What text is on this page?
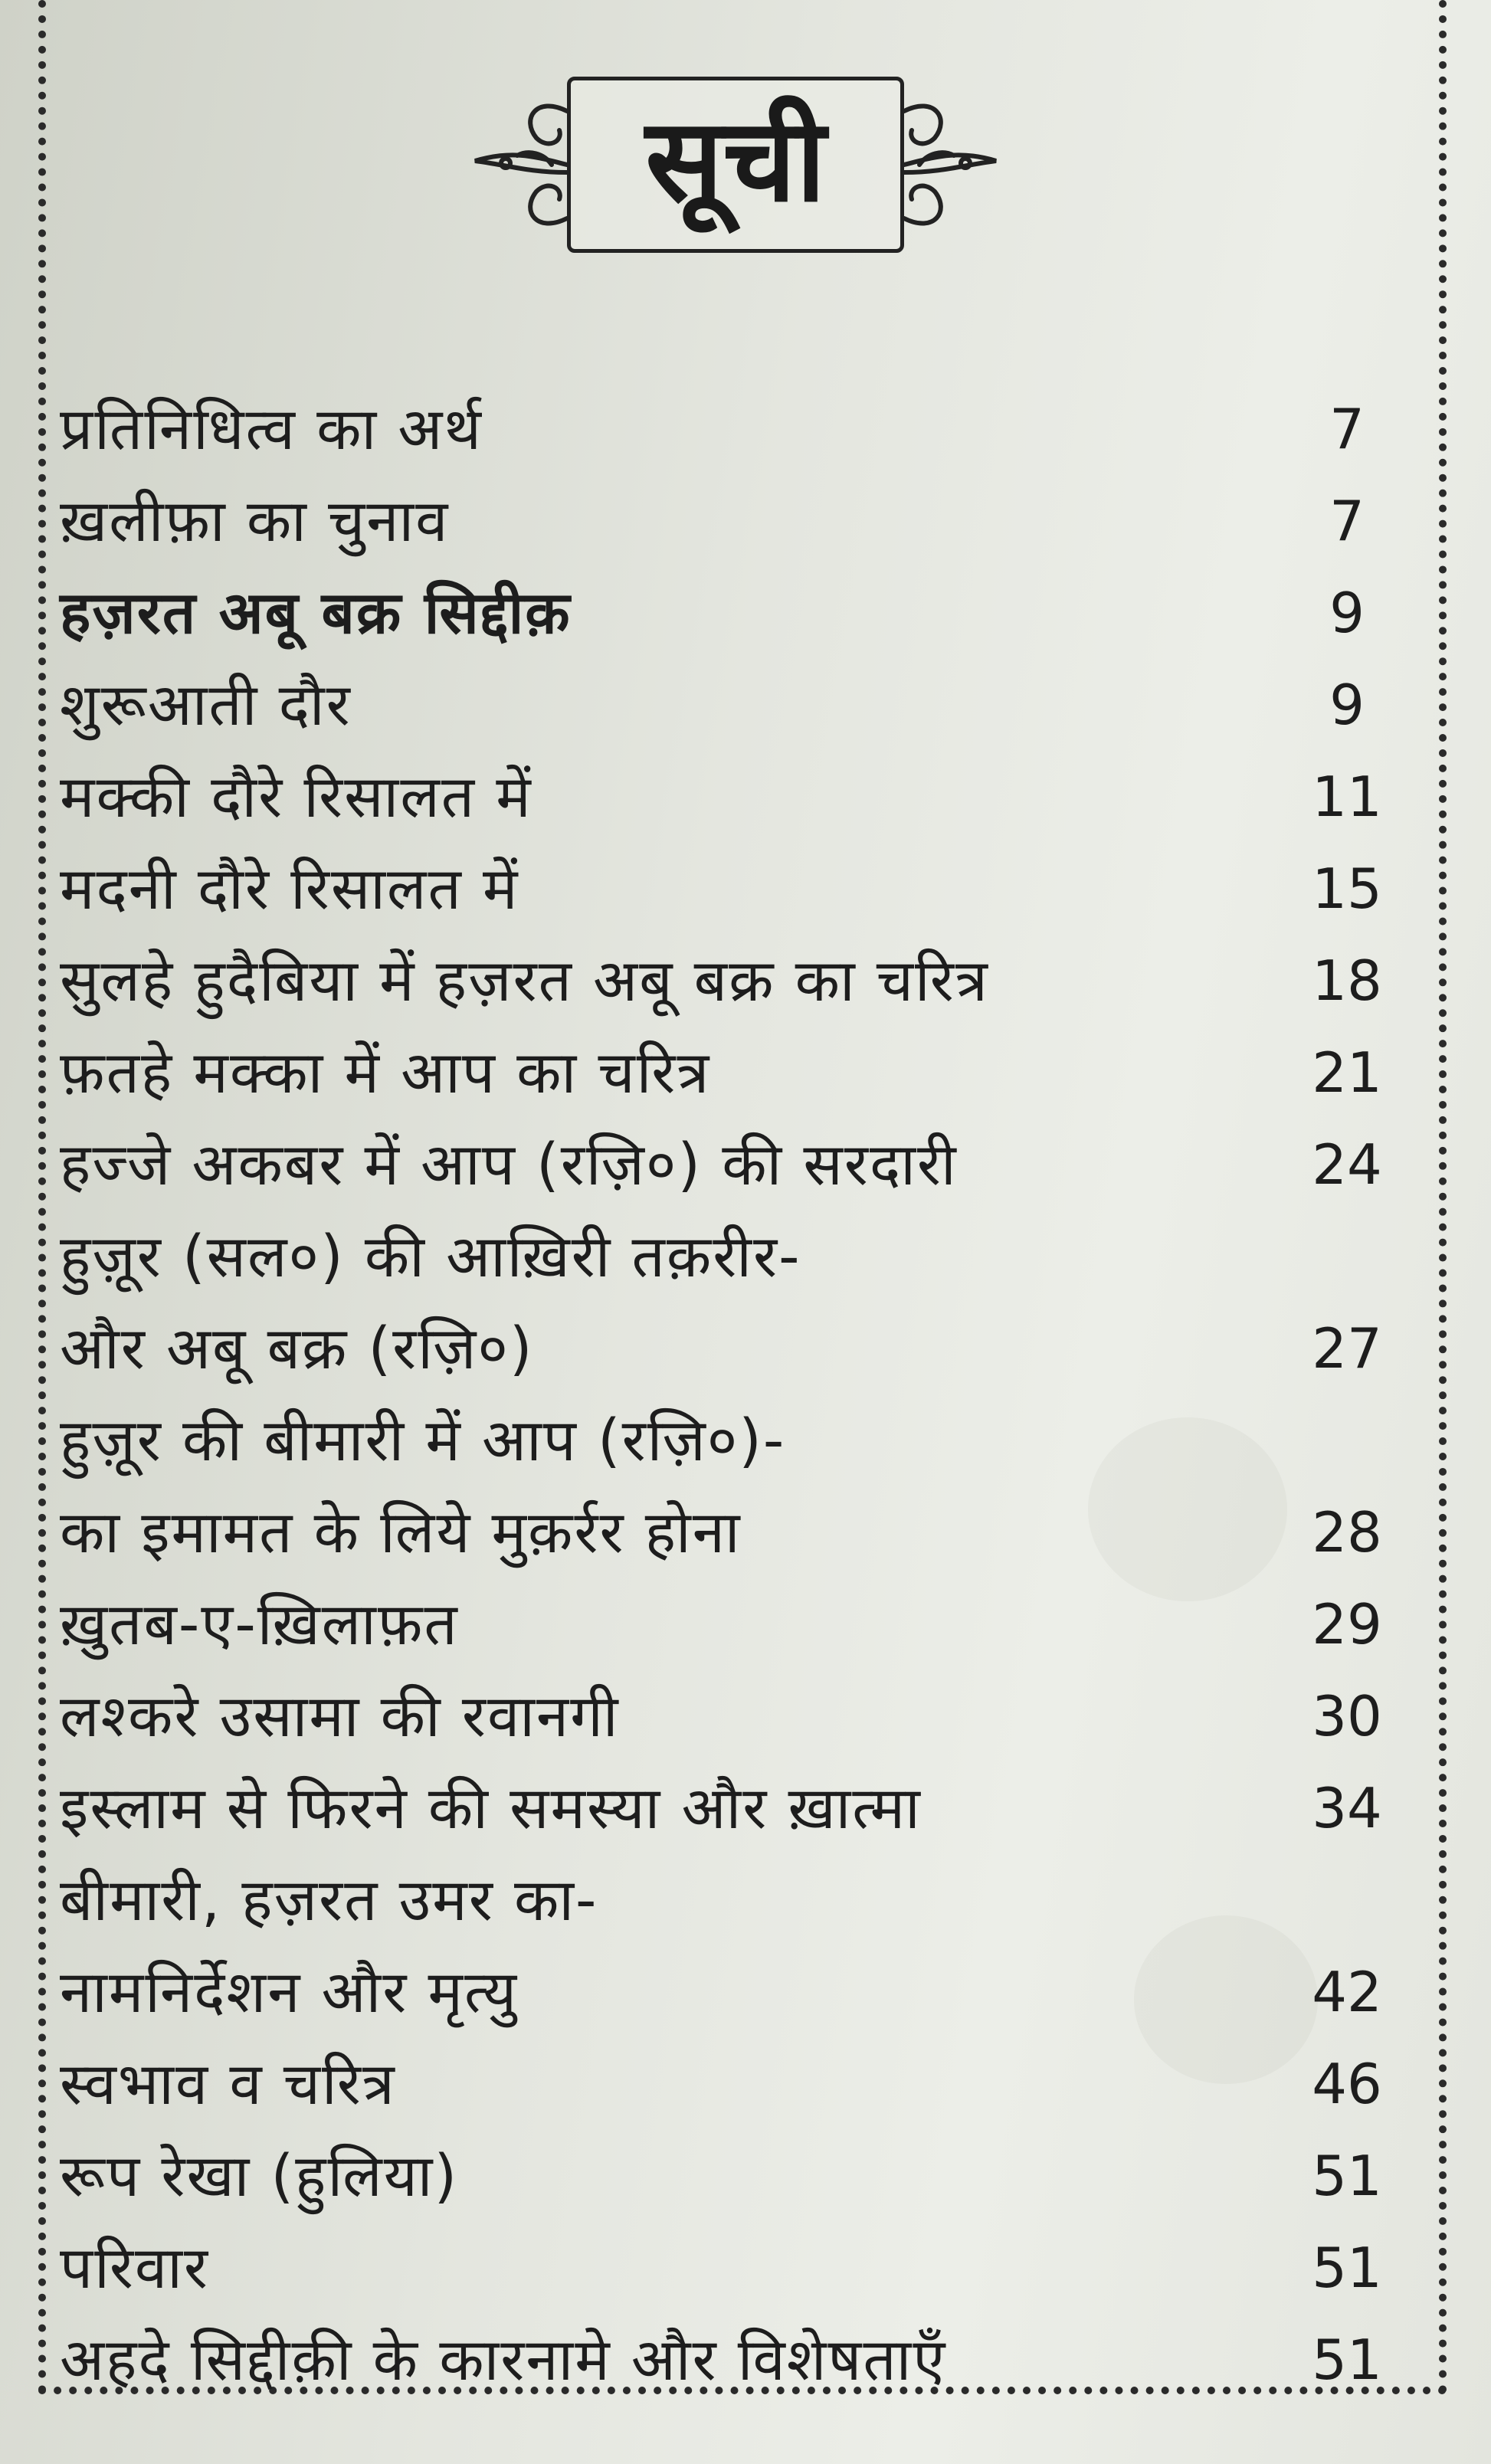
सूची
प्रतिनिधित्व का अर्थ	7
ख़लीफ़ा का चुनाव	7
हज़रत अबू बक्र सिद्दीक़	9
शुरूआती दौर	9
मक्की दौरे रिसालत में	11
मदनी दौरे रिसालत में	15
सुलहे हुदैबिया में हज़रत अबू बक्र का चरित्र	18
फ़तहे मक्का में आप का चरित्र	21
हज्जे अकबर में आप (रज़ि०) की सरदारी	24
हुज़ूर (सल०) की आख़िरी तक़रीर-
और अबू बक्र (रज़ि०)	27
हुज़ूर की बीमारी में आप (रज़ि०)-
का इमामत के लिये मुक़र्रर होना	28
ख़ुतब-ए-ख़िलाफ़त	29
लश्करे उसामा की रवानगी	30
इस्लाम से फिरने की समस्या और ख़ात्मा	34
बीमारी, हज़रत उमर का-
नामनिर्देशन और मृत्यु	42
स्वभाव व चरित्र	46
रूप रेखा (हुलिया)	51
परिवार	51
अहदे सिद्दीक़ी के कारनामे और विशेषताएँ	51
